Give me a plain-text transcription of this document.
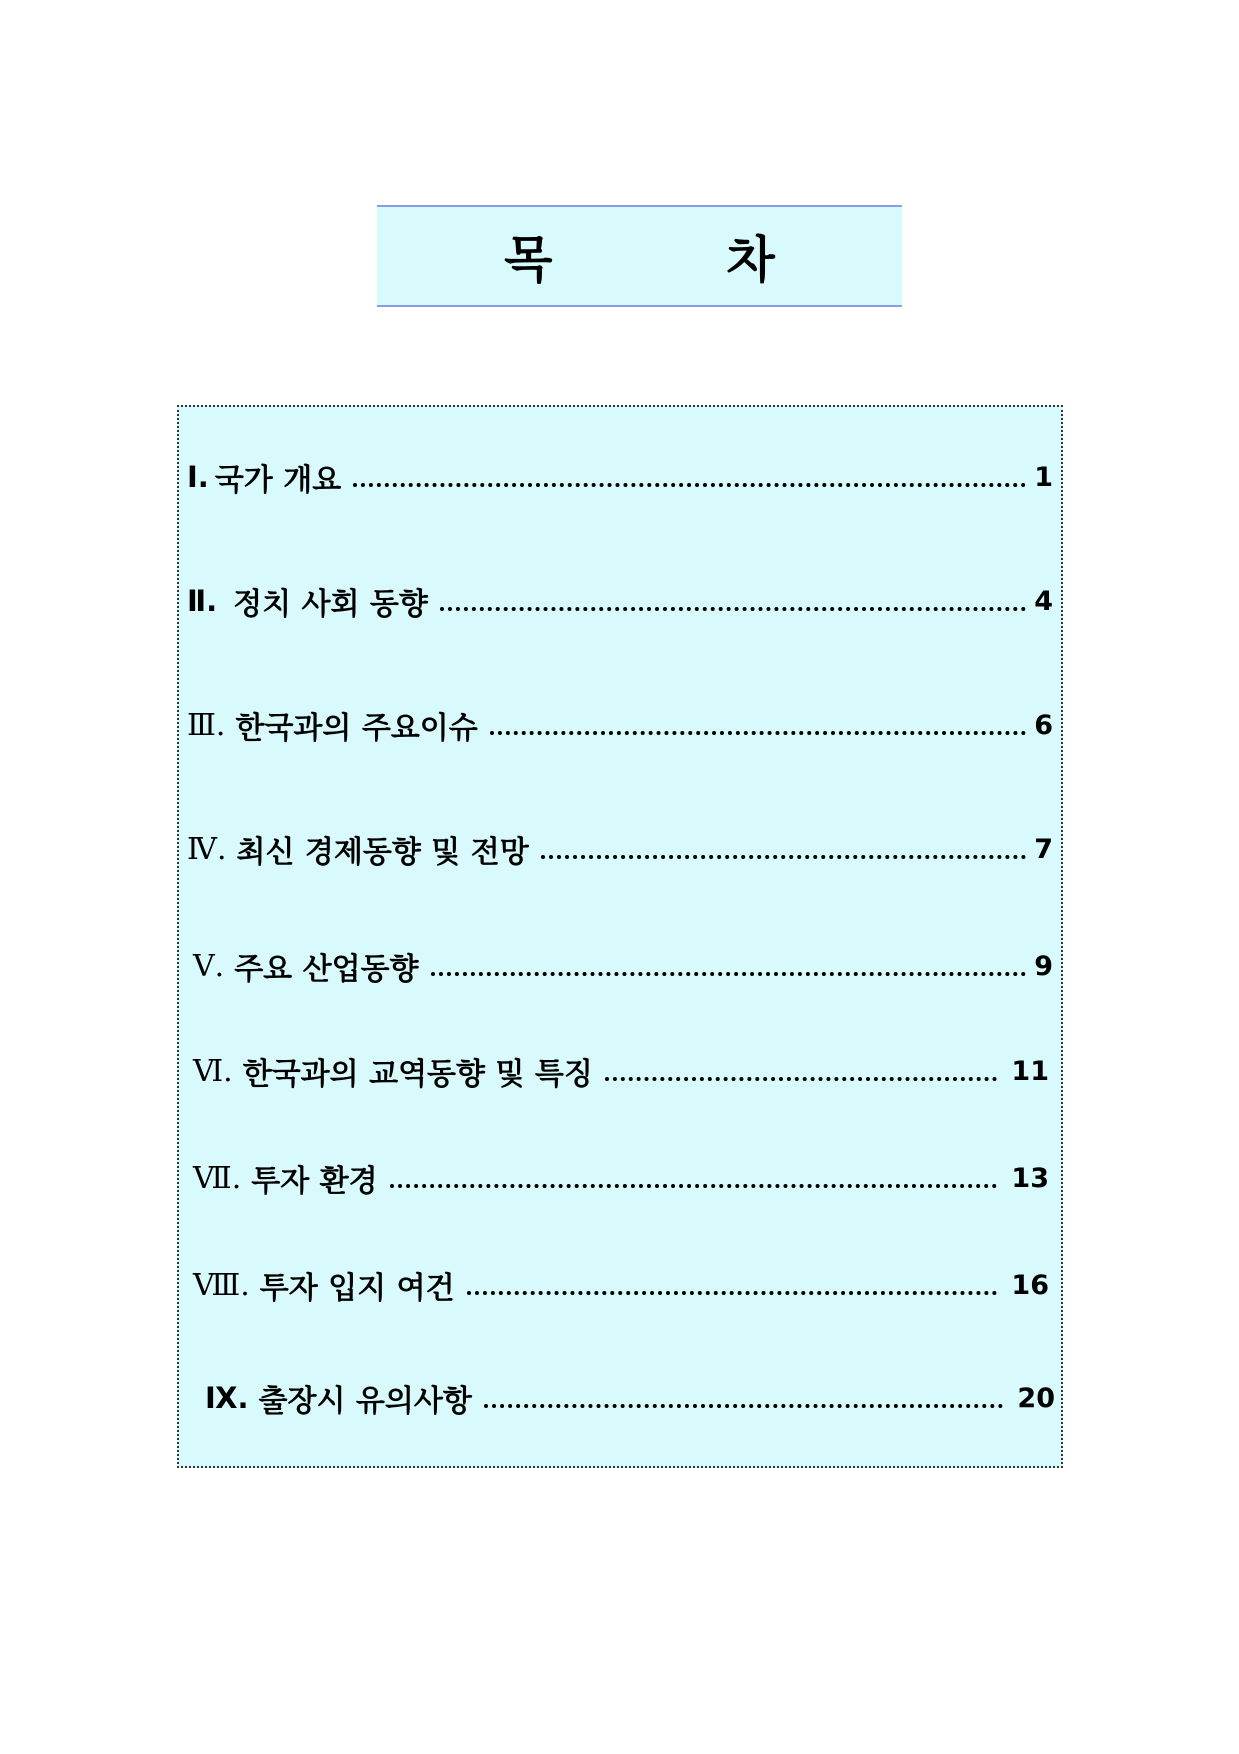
목          차
Ⅰ. 국가 개요	1
Ⅱ. 정치 사회 동향	4
Ⅲ. 한국과의 주요이슈	6
Ⅳ. 최신 경제동향 및 전망	7
Ⅴ. 주요 산업동향	9
Ⅵ. 한국과의 교역동향 및 특징	11
Ⅶ. 투자 환경	13
Ⅷ. 투자 입지 여건	16
Ⅸ. 출장시 유의사항	20
